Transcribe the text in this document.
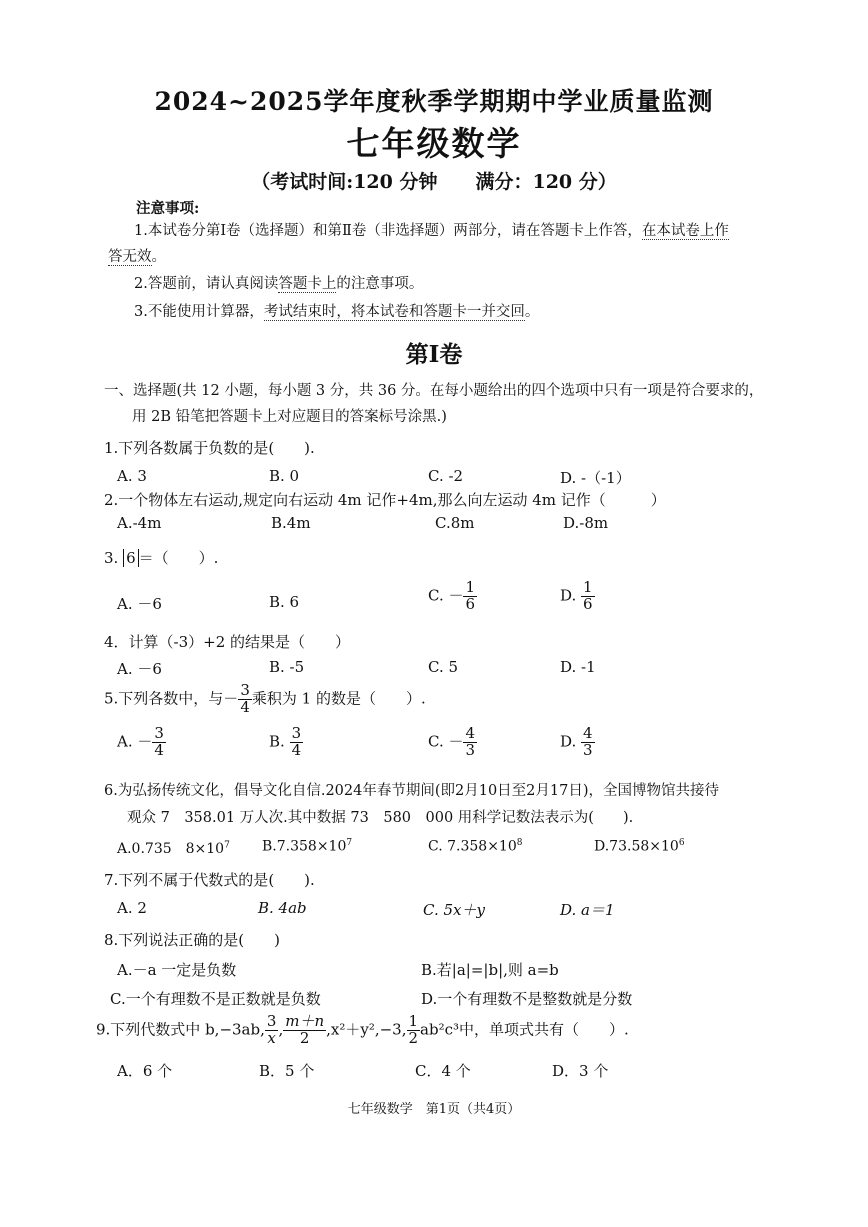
2024~2025学年度秋季学期期中学业质量监测
七年级数学
（考试时间:120 分钟　　满分：120 分）
注意事项:
1.本试卷分第Ⅰ卷（选择题）和第Ⅱ卷（非选择题）两部分，请在答题卡上作答，在本试卷上作
答无效。
2.答题前，请认真阅读答题卡上的注意事项。
3.不能使用计算器，考试结束时，将本试卷和答题卡一并交回。
第Ⅰ卷
一、选择题(共 12 小题，每小题 3 分，共 36 分。在每小题给出的四个选项中只有一项是符合要求的，
用 2B 铅笔把答题卡上对应题目的答案标号涂黑.)
1.下列各数属于负数的是(　　).
A. 3	B. 0	C. -2	D. -（-1）
2.一个物体左右运动,规定向右运动 4m 记作+4m,那么向左运动 4m 记作（　　　）
A.-4m	B.4m	C.8m	D.-8m
3. 6 ＝（　　）.
A. －6	B. 6	C. － $\frac{1}{6}$	D. $\frac{1}{6}$
4．计算（-3）+2 的结果是（　　）
A. －6	B. -5	C. 5	D. -1
5.下列各数中，与－ $\frac{3}{4}$ 乘积为 1 的数是（　　）.
A. － $\frac{3}{4}$	B. $\frac{3}{4}$	C. － $\frac{4}{3}$	D. $\frac{4}{3}$
6.为弘扬传统文化，倡导文化自信.2024年春节期间(即2月10日至2月17日)，全国博物馆共接待
观众 7　358.01 万人次.其中数据 73　580　000 用科学记数法表示为(　　).
A.0.735　$8\times 10^7$ $B.7.358\times 10^7$	C. $7.358\times 10^8$	$D.73.58\times 10^6$
7.下列不属于代数式的是(　　).
A. 2	B. 4ab	C. 5x＋y	D. a＝1
8.下列说法正确的是(　　)
A.－a 一定是负数	B.若|a|=|b|,则 a=b
C.一个有理数不是正数就是负数	D.一个有理数不是整数就是分数
9.下列代数式中 b,−3ab, $\frac{3}{x}$ , $\frac{m+n}{2} ,x^2+y^2,-3$, $\frac{1}{2} ab^2c^3$中，单项式共有（　　）.
A．6 个	B．5 个	C．4 个	D．3 个
七年级数学　第1页（共4页）
